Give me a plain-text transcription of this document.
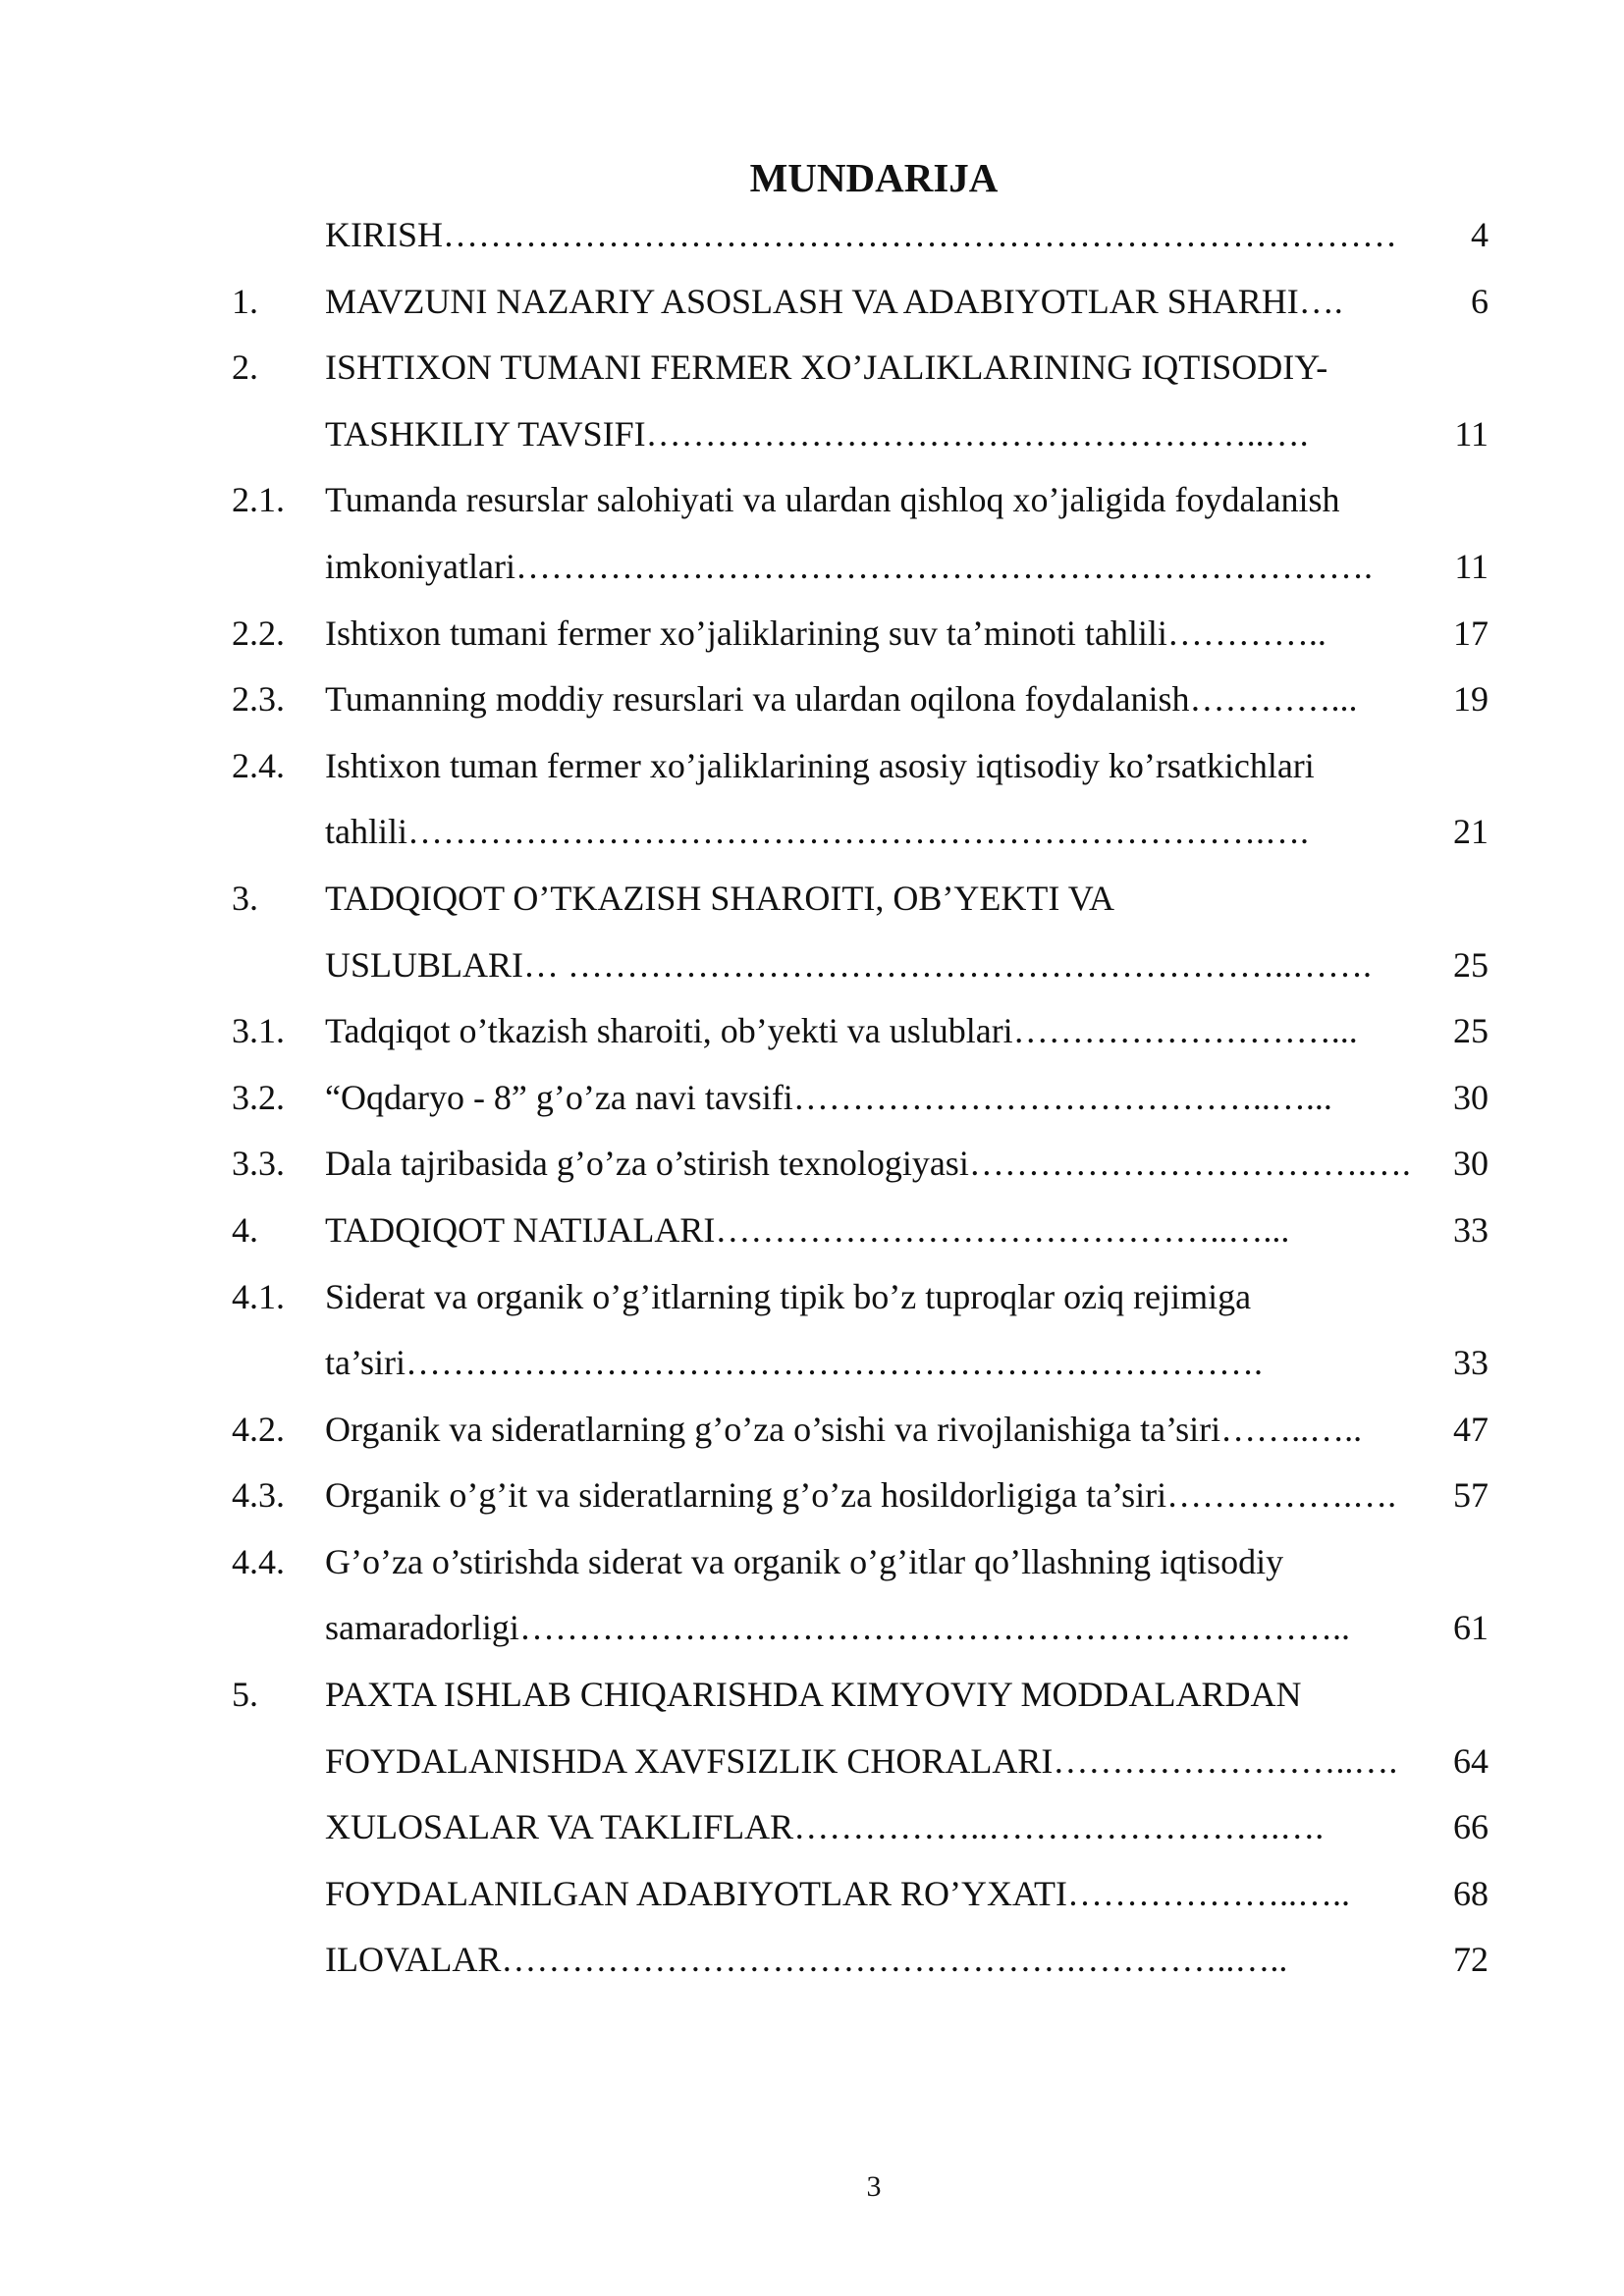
MUNDARIJA
KIRISH ………………………………………………………………………	4
1.	MAVZUNI NAZARIY ASOSLASH VA ADABIYOTLAR SHARHI ….	6
2.	ISHTIXON TUMANI FERMER XO’JALIKLARINING IQTISODIY-
TASHKILIY TAVSIFI ……………………………………………..….	11
2.1.	Tumanda resurslar salohiyati va ulardan qishloq xo’jaligida foydalanish
imkoniyatlari ……………………………………………………………….	11
2.2.	Ishtixon tumani fermer xo’jaliklarining suv ta’minoti tahlili …………..	17
2.3.	Tumanning moddiy resurslari va ulardan oqilona foydalanish …………...	19
2.4.	Ishtixon tuman fermer xo’jaliklarining asosiy iqtisodiy ko’rsatkichlari
tahlili ……………………………………………………………….….	21
3.	TADQIQOT O’TKAZISH SHAROITI, OB’YEKTI VA
USLUBLARI … ……………………………………………………..…….	25
3.1.	Tadqiqot o’tkazish sharoiti, ob’yekti va uslublari ………………………...	25
3.2.	“Oqdaryo - 8” g’o’za navi tavsifi …………………………………..…...	30
3.3.	Dala tajribasida g’o’za o’stirish texnologiyasi …………………………….….	30
4.	TADQIQOT NATIJALARI ……………………………………..…...	33
4.1.	Siderat va organik o’g’itlarning tipik bo’z tuproqlar oziq rejimiga
ta’siri ……………………………………………………………….	33
4.2.	Organik va sideratlarning g’o’za o’sishi va rivojlanishiga ta’siri ……..…..	47
4.3.	Organik o’g’it va sideratlarning g’o’za hosildorligiga ta’siri …………….….	57
4.4.	G’o’za o’stirishda siderat va organik o’g’itlar qo’llashning iqtisodiy
samaradorligi ……………………………………………………………..	61
5.	PAXTA ISHLAB CHIQARISHDA KIMYOVIY MODDALARDAN
FOYDALANISHDA XAVFSIZLIK CHORALARI ……………………..….	64
XULOSALAR VA TAKLIFLAR ……………..…………………….….	66
FOYDALANILGAN ADABIYOTLAR RO’YXATI ………………..…..	68
ILOVALAR ………………………………………….…………..…..	72
3
